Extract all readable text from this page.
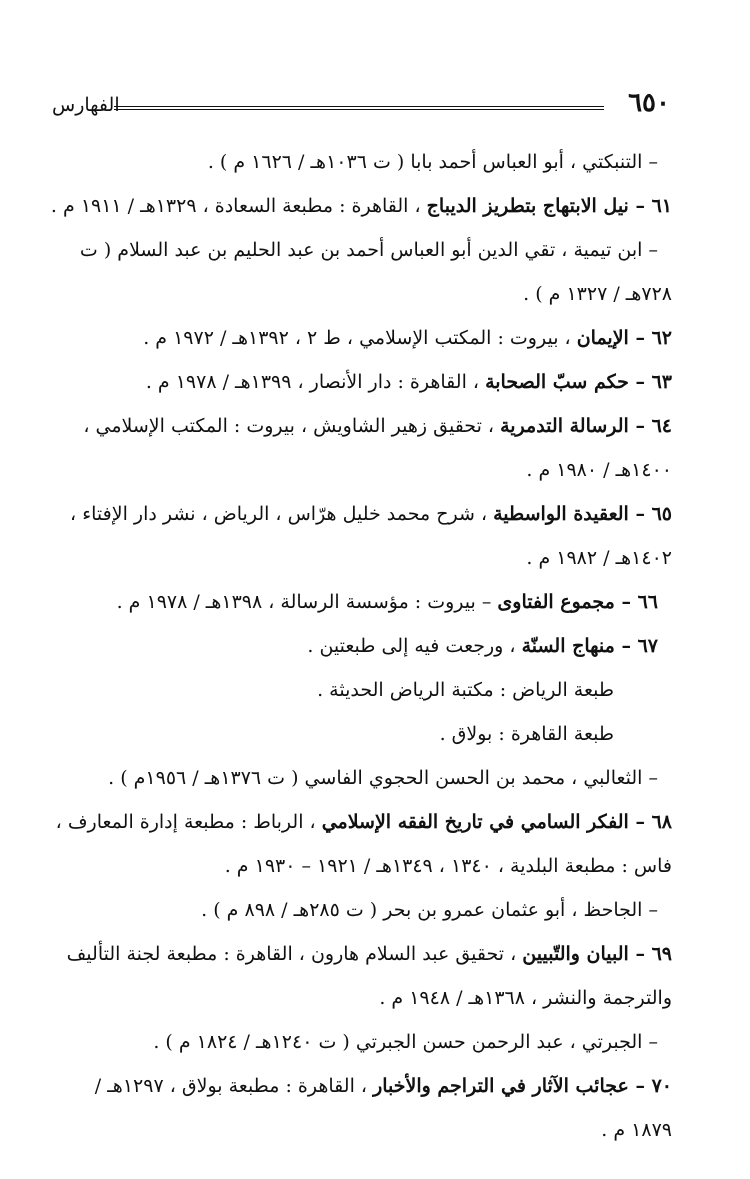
٦٥٠
الفهارس
– التنبكتي ، أبو العباس أحمد بابا ( ت ١٠٣٦هـ / ١٦٢٦ م ) .
٦١ – نيل الابتهاج بتطريز الديباج ، القاهرة : مطبعة السعادة ، ١٣٢٩هـ / ١٩١١ م .
– ابن تيمية ، تقي الدين أبو العباس أحمد بن عبد الحليم بن عبد السلام ( ت
٧٢٨هـ / ١٣٢٧ م ) .
٦٢ – الإيمان ، بيروت : المكتب الإسلامي ، ط ٢ ، ١٣٩٢هـ / ١٩٧٢ م .
٦٣ – حكم سبّ الصحابة ، القاهرة : دار الأنصار ، ١٣٩٩هـ / ١٩٧٨ م .
٦٤ – الرسالة التدمرية ، تحقيق زهير الشاويش ، بيروت : المكتب الإسلامي ،
١٤٠٠هـ / ١٩٨٠ م .
٦٥ – العقيدة الواسطية ، شرح محمد خليل هرّاس ، الرياض ، نشر دار الإفتاء ،
١٤٠٢هـ / ١٩٨٢ م .
٦٦ – مجموع الفتاوى – بيروت : مؤسسة الرسالة ، ١٣٩٨هـ / ١٩٧٨ م .
٦٧ – منهاج السنّة ، ورجعت فيه إلى طبعتين .
طبعة الرياض : مكتبة الرياض الحديثة .
طبعة القاهرة : بولاق .
– الثعالبي ، محمد بن الحسن الحجوي الفاسي ( ت ١٣٧٦هـ / ١٩٥٦م ) .
٦٨ – الفكر السامي في تاريخ الفقه الإسلامي ، الرباط : مطبعة إدارة المعارف ،
فاس : مطبعة البلدية ، ١٣٤٠ ، ١٣٤٩هـ / ١٩٢١ – ١٩٣٠ م .
– الجاحظ ، أبو عثمان عمرو بن بحر ( ت ٢٨٥هـ / ٨٩٨ م ) .
٦٩ – البيان والتّبيين ، تحقيق عبد السلام هارون ، القاهرة : مطبعة لجنة التأليف
والترجمة والنشر ، ١٣٦٨هـ / ١٩٤٨ م .
– الجبرتي ، عبد الرحمن حسن الجبرتي ( ت ١٢٤٠هـ / ١٨٢٤ م ) .
٧٠ – عجائب الآثار في التراجم والأخبار ، القاهرة : مطبعة بولاق ، ١٢٩٧هـ /
١٨٧٩ م .
